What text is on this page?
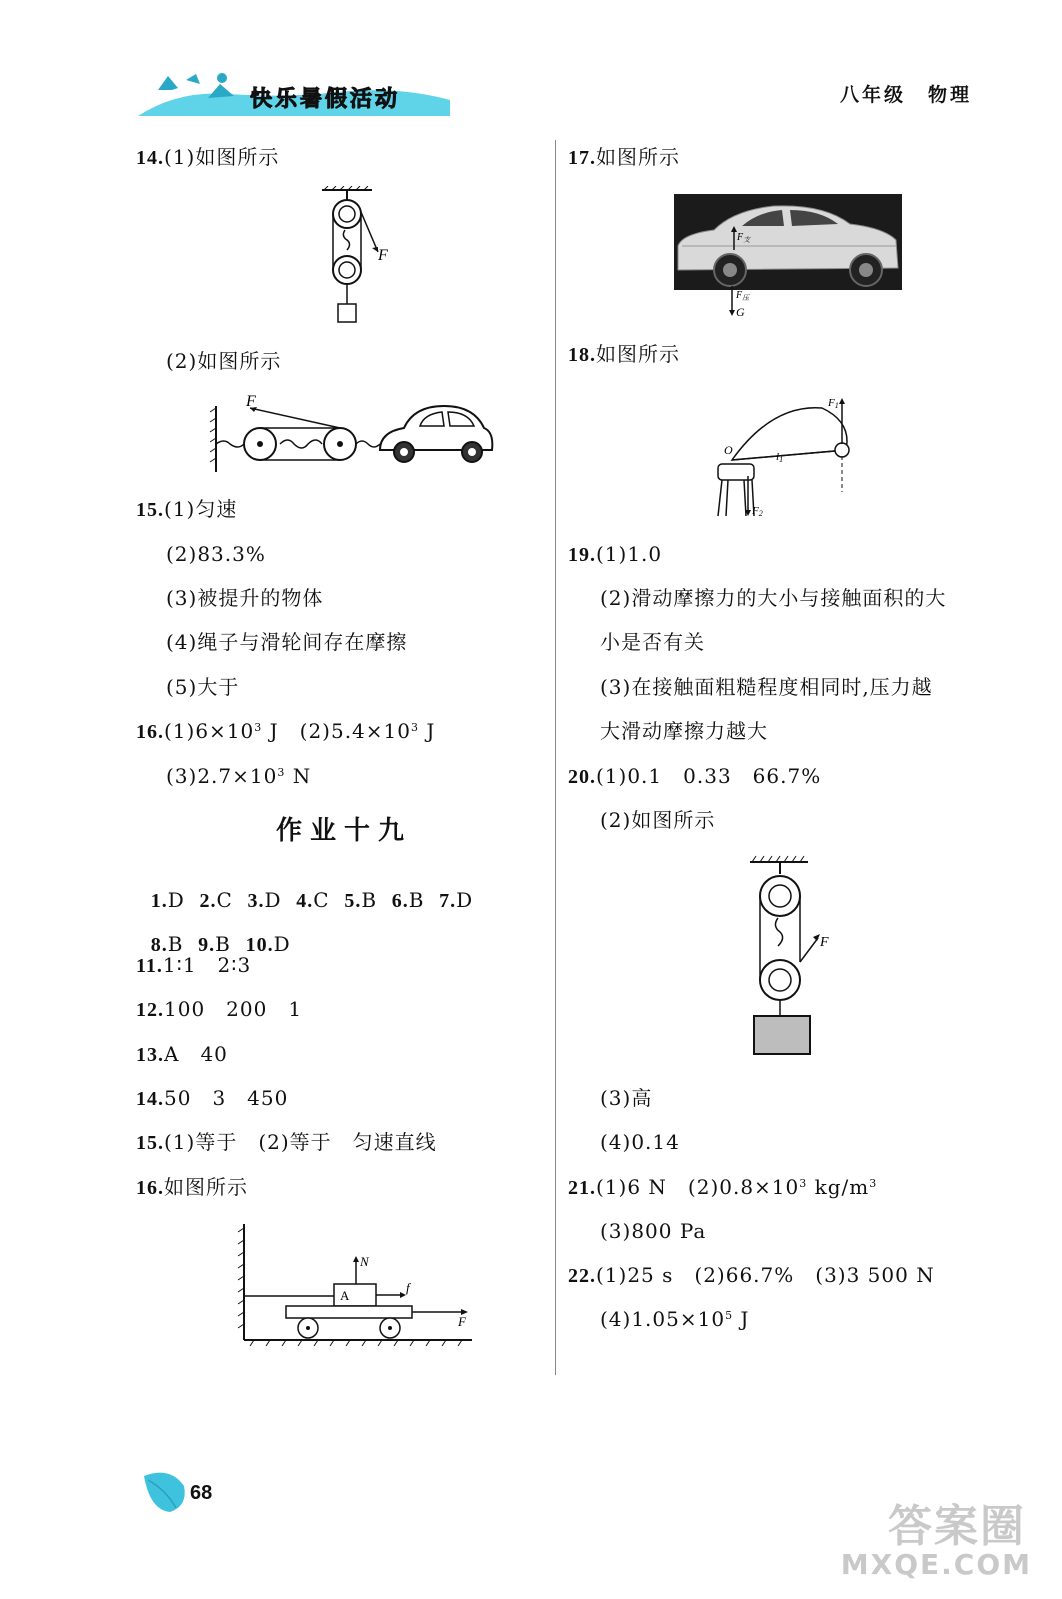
快乐暑假活动	八年级　物理
14.(1)如图所示
F
(2)如图所示
F
15.(1)匀速
(2)83.3%
(3)被提升的物体
(4)绳子与滑轮间存在摩擦
(5)大于
$16.(1)6\times 10^3$ J　$(2)5.4\times 10^3$ J
$(3)2.7\times 10^3$ N
作业十九

1.D 2.C 3.D 4.C 5.B 6.B 7.D

8.B 9.B 10.D

11.1∶1　2∶3
12.100　200　1
13.A　40
14.50　3　450
15.(1)等于　(2)等于　匀速直线
16.如图所示
A
N
f
F
17.如图所示
$F_支$
$F_压$
G
18.如图所示
l1
F1
O
F2
19.(1)1.0
(2)滑动摩擦力的大小与接触面积的大
小是否有关
(3)在接触面粗糙程度相同时,压力越
大滑动摩擦力越大
20.(1)0.1　0.33　66.7%
(2)如图所示
F
(3)高
(4)0.14
21.(1)6 N　$(2)0.8\times 10^3$ $kg/m^3$
(3)800 Pa
22.(1)25 s　(2)66.7%　(3)3 500 N
$(4)1.05\times 10^5$ J
68
答案圈
MXQE.COM
